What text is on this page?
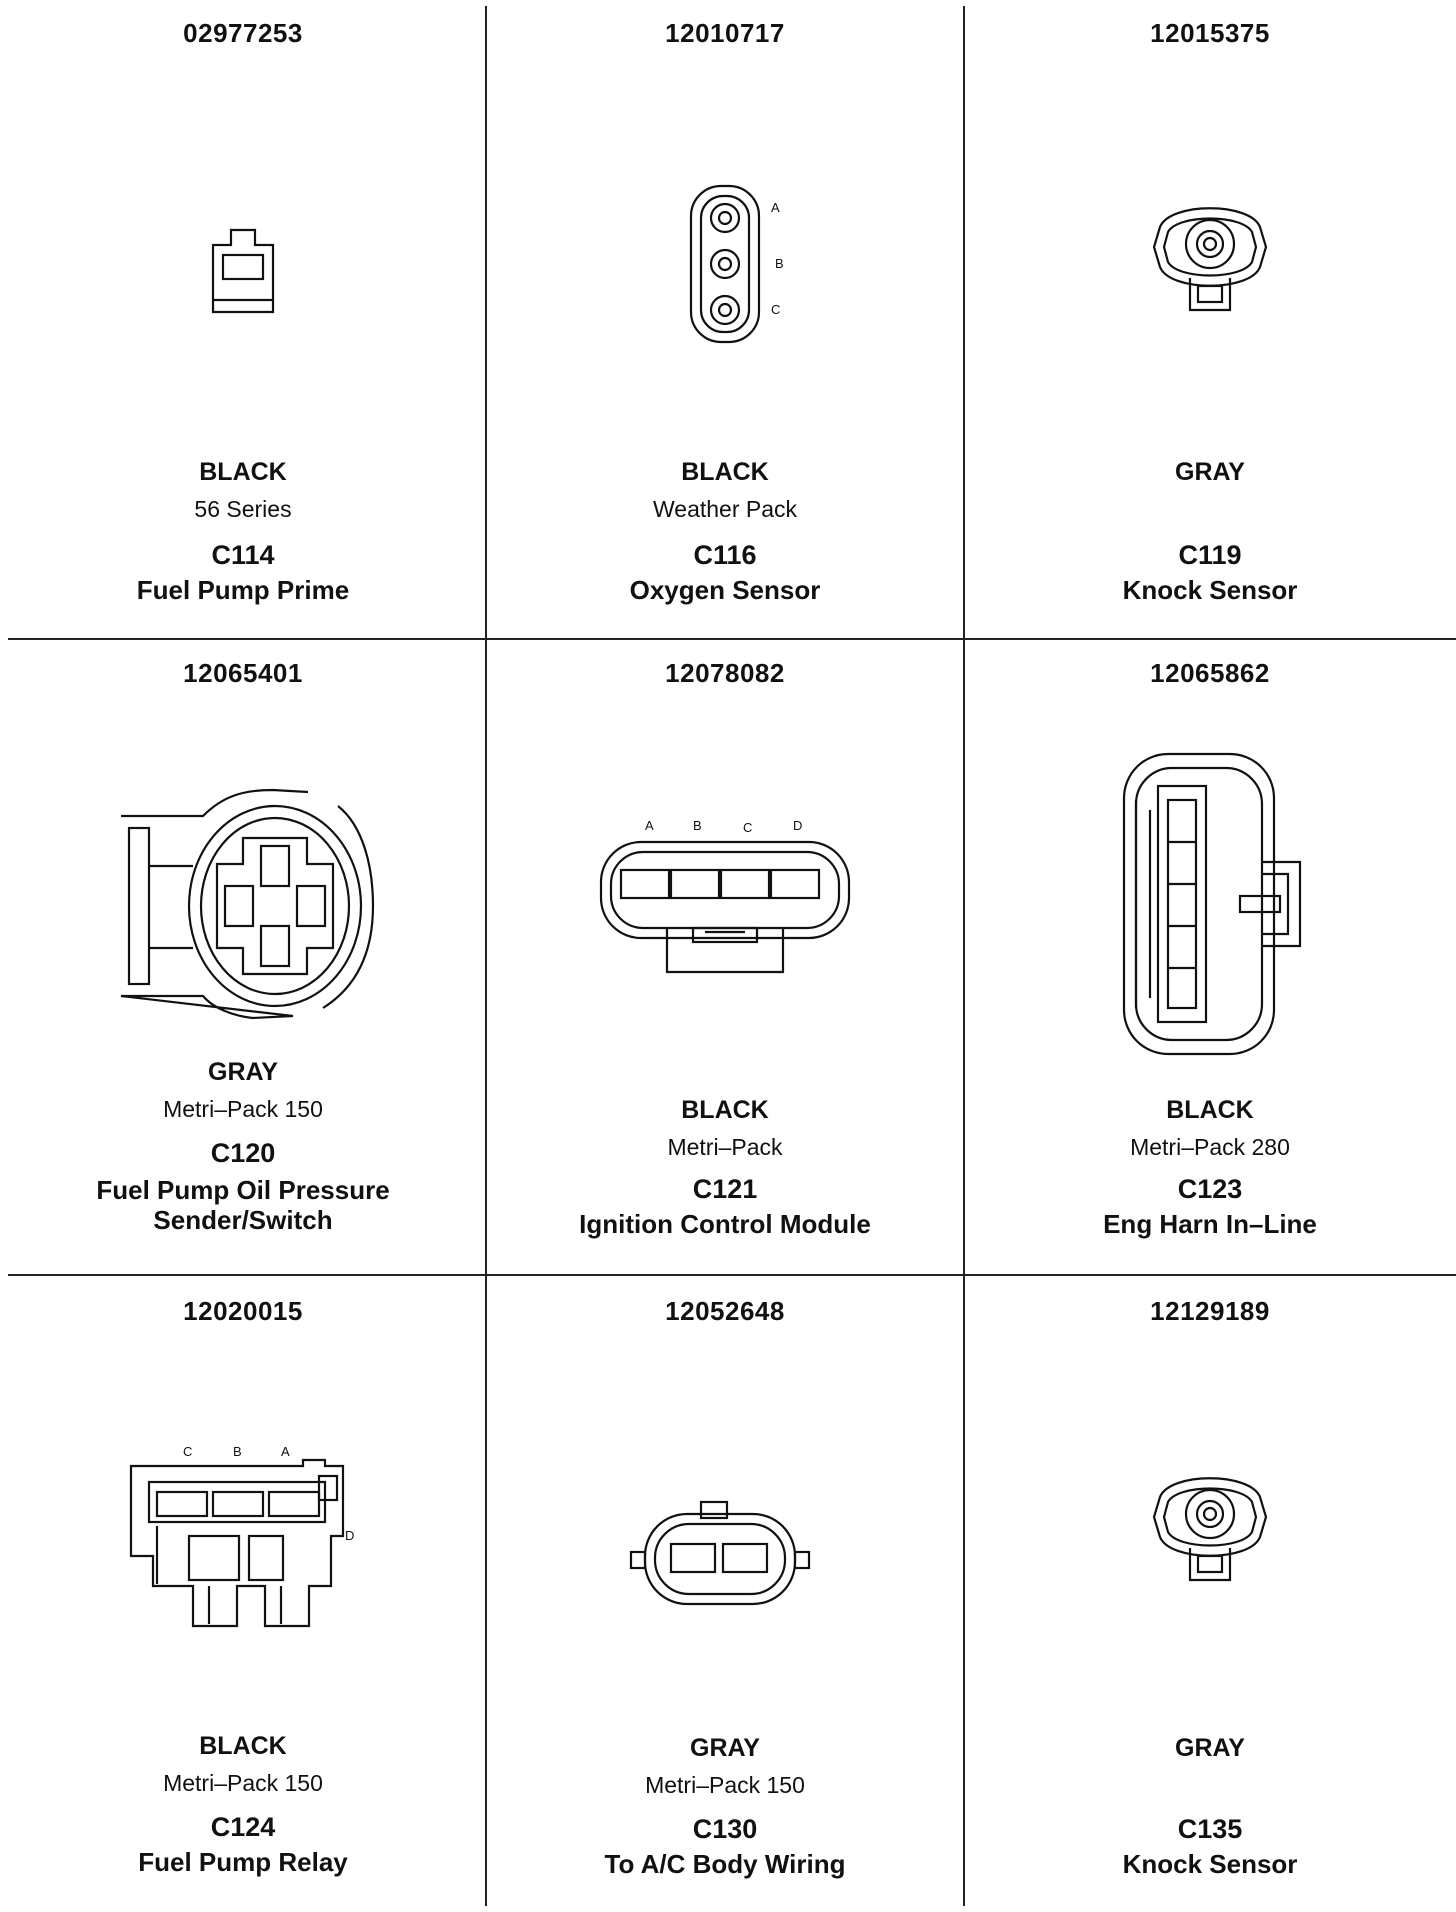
02977253
BLACK
56 Series
C114
Fuel Pump Prime
12010717
A
B
C
BLACK
Weather Pack
C116
Oxygen Sensor
12015375
GRAY
C119
Knock Sensor
12065401
GRAY
Metri–Pack 150
C120
Fuel Pump Oil Pressure
Sender/Switch
12078082
A	B	C	D
BLACK
Metri–Pack
C121
Ignition Control Module
12065862
BLACK
Metri–Pack 280
C123
Eng Harn In–Line
12020015
C	B	A
D
BLACK
Metri–Pack 150
C124
Fuel Pump Relay
12052648
GRAY
Metri–Pack 150
C130
To A/C Body Wiring
12129189
GRAY
C135
Knock Sensor
